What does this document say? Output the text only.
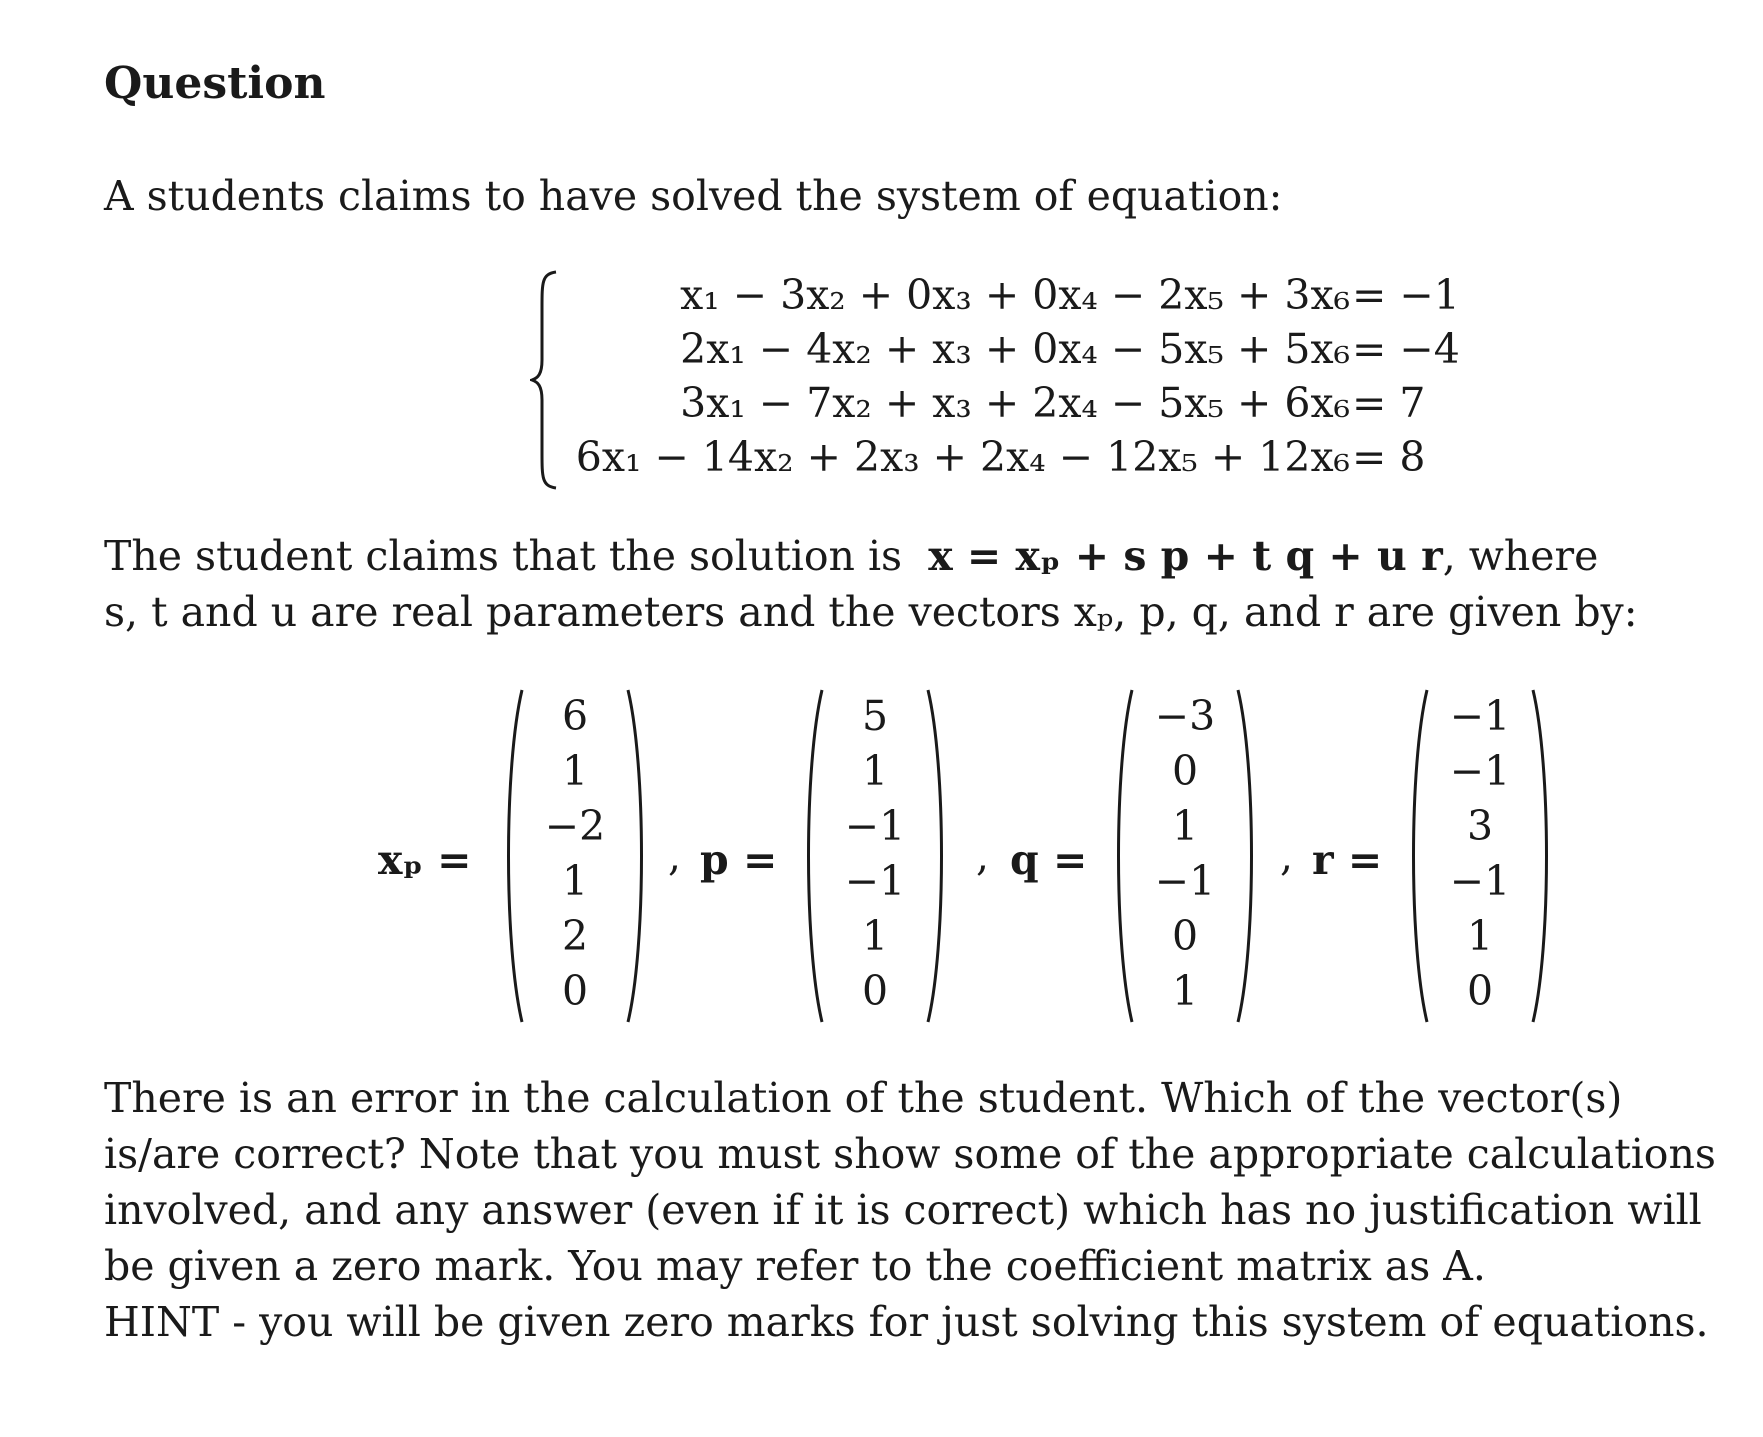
Question

A students claims to have solved the system of equation:

x₁ − 3x₂ + 0x₃ + 0x₄ − 2x₅ + 3x₆ = −1
2x₁ − 4x₂ + x₃ + 0x₄ − 5x₅ + 5x₆ = −4
3x₁ − 7x₂ + x₃ + 2x₄ − 5x₅ + 6x₆ = 7
6x₁ − 14x₂ + 2x₃ + 2x₄ − 12x₅ + 12x₆ = 8
The student claims that the solution is x = xₚ + s p + t q + u r, where
s, t and u are real parameters and the vectors xₚ, p, q, and r are given by:
xₚ =
6
1
−2
1
2
0
, p =
5
1
−1
−1
1
0
, q =
−3
0
1
−1
0
1
, r =
−1
−1
3
−1
1
0
There is an error in the calculation of the student. Which of the vector(s)
is/are correct? Note that you must show some of the appropriate calculations
involved, and any answer (even if it is correct) which has no justification will
be given a zero mark. You may refer to the coefficient matrix as A.
HINT - you will be given zero marks for just solving this system of equations.
